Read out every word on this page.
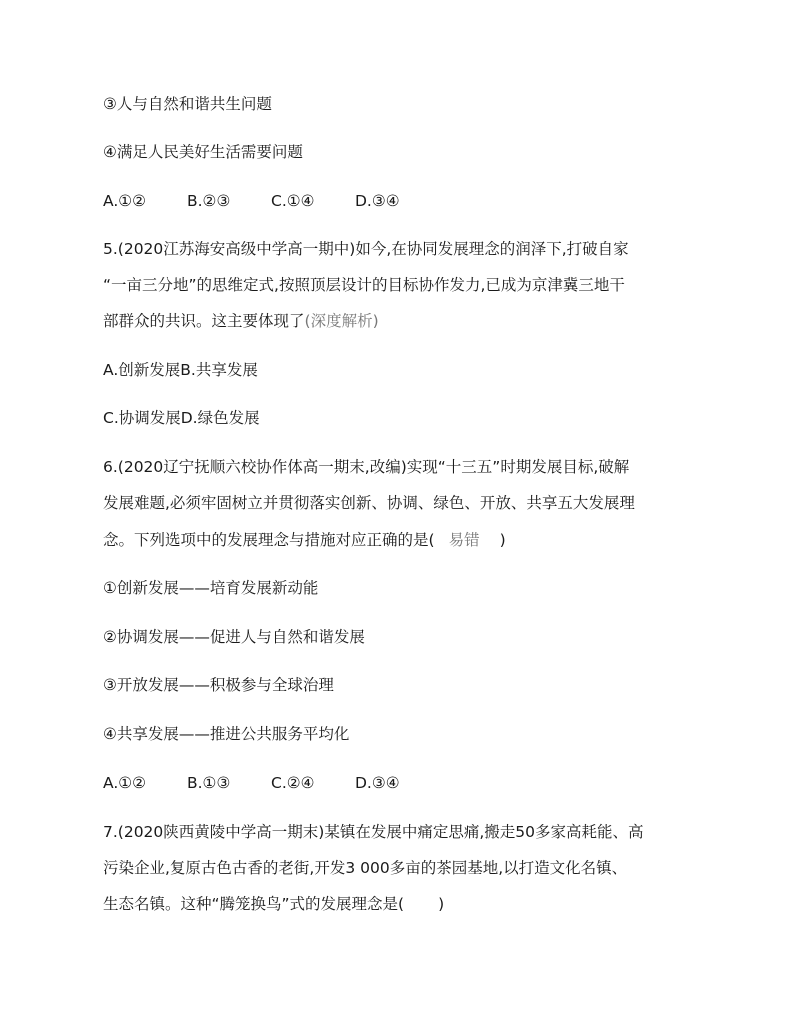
③人与自然和谐共生问题
④满足人民美好生活需要问题
A.①②	B.②③	C.①④	D.③④
5.(2020江苏海安高级中学高一期中)如今,在协同发展理念的润泽下,打破自家
“一亩三分地”的思维定式,按照顶层设计的目标协作发力,已成为京津冀三地干
部群众的共识。这主要体现了(深度解析)
A.创新发展B.共享发展
C.协调发展D.绿色发展
6.(2020辽宁抚顺六校协作体高一期末,改编)实现“十三五”时期发展目标,破解
发展难题,必须牢固树立并贯彻落实创新、协调、绿色、开放、共享五大发展理
念。下列选项中的发展理念与措施对应正确的是( 易错 )
①创新发展——培育发展新动能
②协调发展——促进人与自然和谐发展
③开放发展——积极参与全球治理
④共享发展——推进公共服务平均化
A.①②	B.①③	C.②④	D.③④
7.(2020陕西黄陵中学高一期末)某镇在发展中痛定思痛,搬走50多家高耗能、高
污染企业,复原古色古香的老街,开发3 000多亩的茶园基地,以打造文化名镇、
生态名镇。这种“腾笼换鸟”式的发展理念是( )
